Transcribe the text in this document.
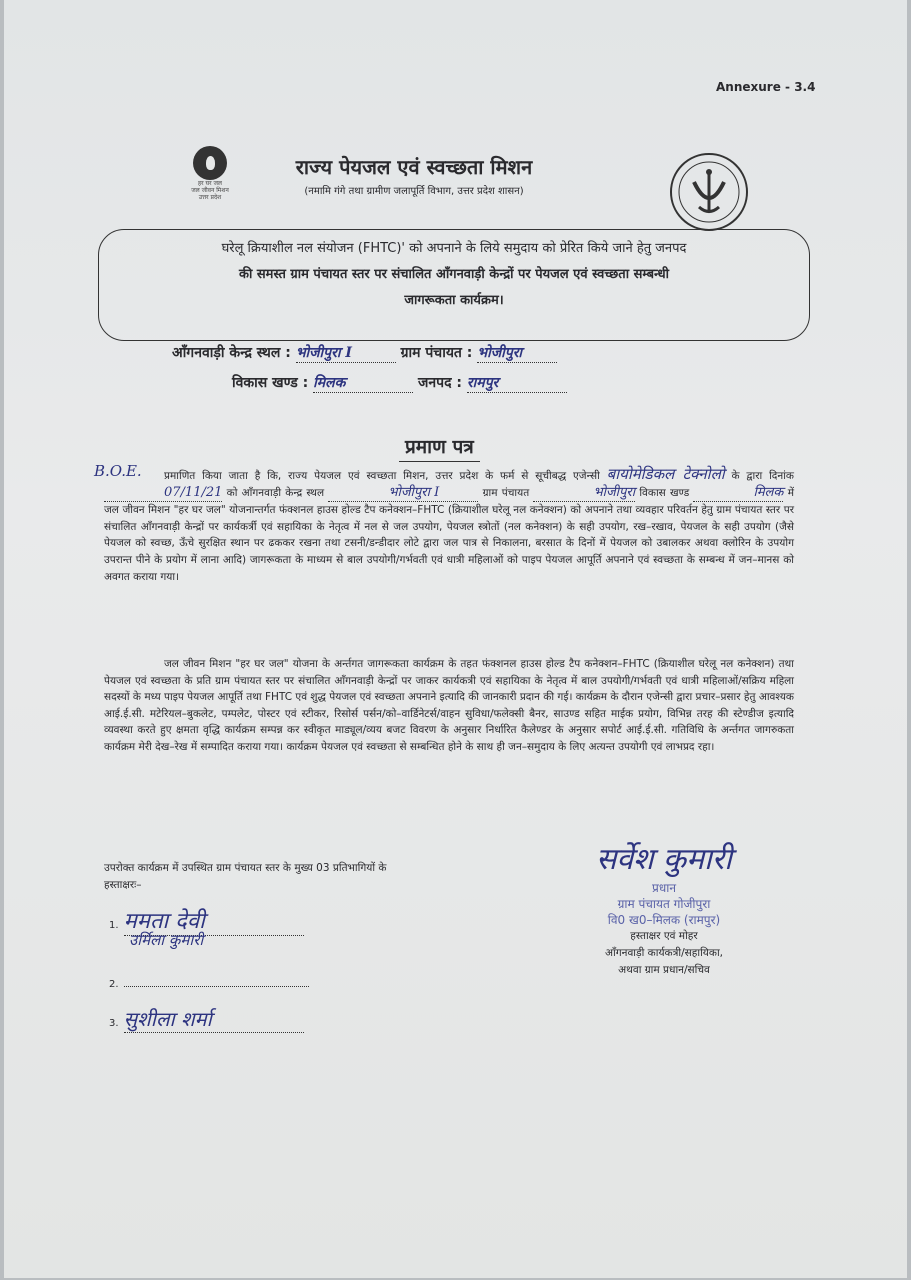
Annexure - 3.4
हर घर जल
जल जीवन मिशन
उत्तर प्रदेश
राज्य पेयजल एवं स्वच्छता मिशन
(नमामि गंगे तथा ग्रामीण जलापूर्ति विभाग, उत्तर प्रदेश शासन)
घरेलू क्रियाशील नल संयोजन (FHTC)' को अपनाने के लिये समुदाय को प्रेरित किये जाने हेतु जनपद
की समस्त ग्राम पंचायत स्तर पर संचालित आँगनवाड़ी केन्द्रों पर पेयजल एवं स्वच्छता सम्बन्धी
जागरूकता कार्यक्रम।
आँगनवाड़ी केन्द्र स्थल : भोजीपुरा I	ग्राम पंचायत : भोजीपुरा
विकास खण्ड : मिलक	जनपद : रामपुर
प्रमाण पत्र
B.O.E.	प्रमाणित किया जाता है कि, राज्य पेयजल एवं स्वच्छता मिशन, उत्तर प्रदेश के फर्म से सूचीबद्ध एजेन्सी बायोमेडिकल टेक्नोलो के द्वारा दिनांक 07/11/21 को आँगनवाड़ी केन्द्र स्थल	भोजीपुरा I	ग्राम पंचायत	भोजीपुरा विकास खण्ड	मिलक में जल जीवन मिशन "हर घर जल" योजनान्तर्गत फंक्शनल हाउस होल्ड टैप कनेक्शन–FHTC (क्रियाशील घरेलू नल कनेक्शन) को अपनाने तथा व्यवहार परिवर्तन हेतु ग्राम पंचायत स्तर पर संचालित आँगनवाड़ी केन्द्रों पर कार्यकर्त्री एवं सहायिका के नेतृत्व में नल से जल उपयोग, पेयजल स्त्रोतों (नल कनेक्शन) के सही उपयोग, रख–रखाव, पेयजल के सही उपयोग (जैसे पेयजल को स्वच्छ, ऊँचे सुरक्षित स्थान पर ढककर रखना तथा टसनी/डन्डीदार लोटे द्वारा जल पात्र से निकालना, बरसात के दिनों में पेयजल को उबालकर अथवा क्लोरिन के उपयोग उपरान्त पीने के प्रयोग में लाना आदि) जागरूकता के माध्यम से बाल उपयोगी/गर्भवती एवं धात्री महिलाओं को पाइप पेयजल आपूर्ति अपनाने एवं स्वच्छता के सम्बन्ध में जन–मानस को अवगत कराया गया।
जल जीवन मिशन "हर घर जल" योजना के अर्न्तगत जागरूकता कार्यक्रम के तहत फंक्शनल हाउस होल्ड टैप कनेक्शन–FHTC (क्रियाशील घरेलू नल कनेक्शन) तथा पेयजल एवं स्वच्छता के प्रति ग्राम पंचायत स्तर पर संचालित आँगनवाड़ी केन्द्रों पर जाकर कार्यकत्री एवं सहायिका के नेतृत्व में बाल उपयोगी/गर्भवती एवं धात्री महिलाओं/सक्रिय महिला सदस्यों के मध्य पाइप पेयजल आपूर्ति तथा FHTC एवं शुद्ध पेयजल एवं स्वच्छता अपनाने इत्यादि की जानकारी प्रदान की गई। कार्यक्रम के दौरान एजेन्सी द्वारा प्रचार–प्रसार हेतु आवश्यक आई.ई.सी. मटेरियल–बुकलेट, पम्पलेट, पोस्टर एवं स्टीकर, रिसोर्स पर्सन/को–वार्डिनेटर्स/वाहन सुविधा/फलेक्सी बैनर, साउण्ड सहित माईक प्रयोग, विभिन्न तरह की स्टेण्डीज इत्यादि व्यवस्था करते हुए क्षमता वृद्धि कार्यक्रम सम्पन्न कर स्वीकृत माड्यूल/व्यय बजट विवरण के अनुसार निर्धारित कैलेण्डर के अनुसार सपोर्ट आई.ई.सी. गतिविधि के अर्न्तगत जागरुकता कार्यक्रम मेरी देख–रेख में सम्पादित कराया गया। कार्यक्रम पेयजल एवं स्वच्छता से सम्बन्धित होने के साथ ही जन–समुदाय के लिए अत्यन्त उपयोगी एवं लाभप्रद रहा।
उपरोक्त कार्यक्रम में उपस्थित ग्राम पंचायत स्तर के मुख्य 03 प्रतिभागियों के
हस्ताक्षरः–
1. ममता देवी
उर्मिला कुमारी
2.
3. सुशीला शर्मा
सर्वेश कुमारी
प्रधान
ग्राम पंचायत गोजीपुरा
वि0 ख0–मिलक (रामपुर)
हस्ताक्षर एवं मोहर
आँगनवाड़ी कार्यकत्री/सहायिका,
अथवा ग्राम प्रधान/सचिव
